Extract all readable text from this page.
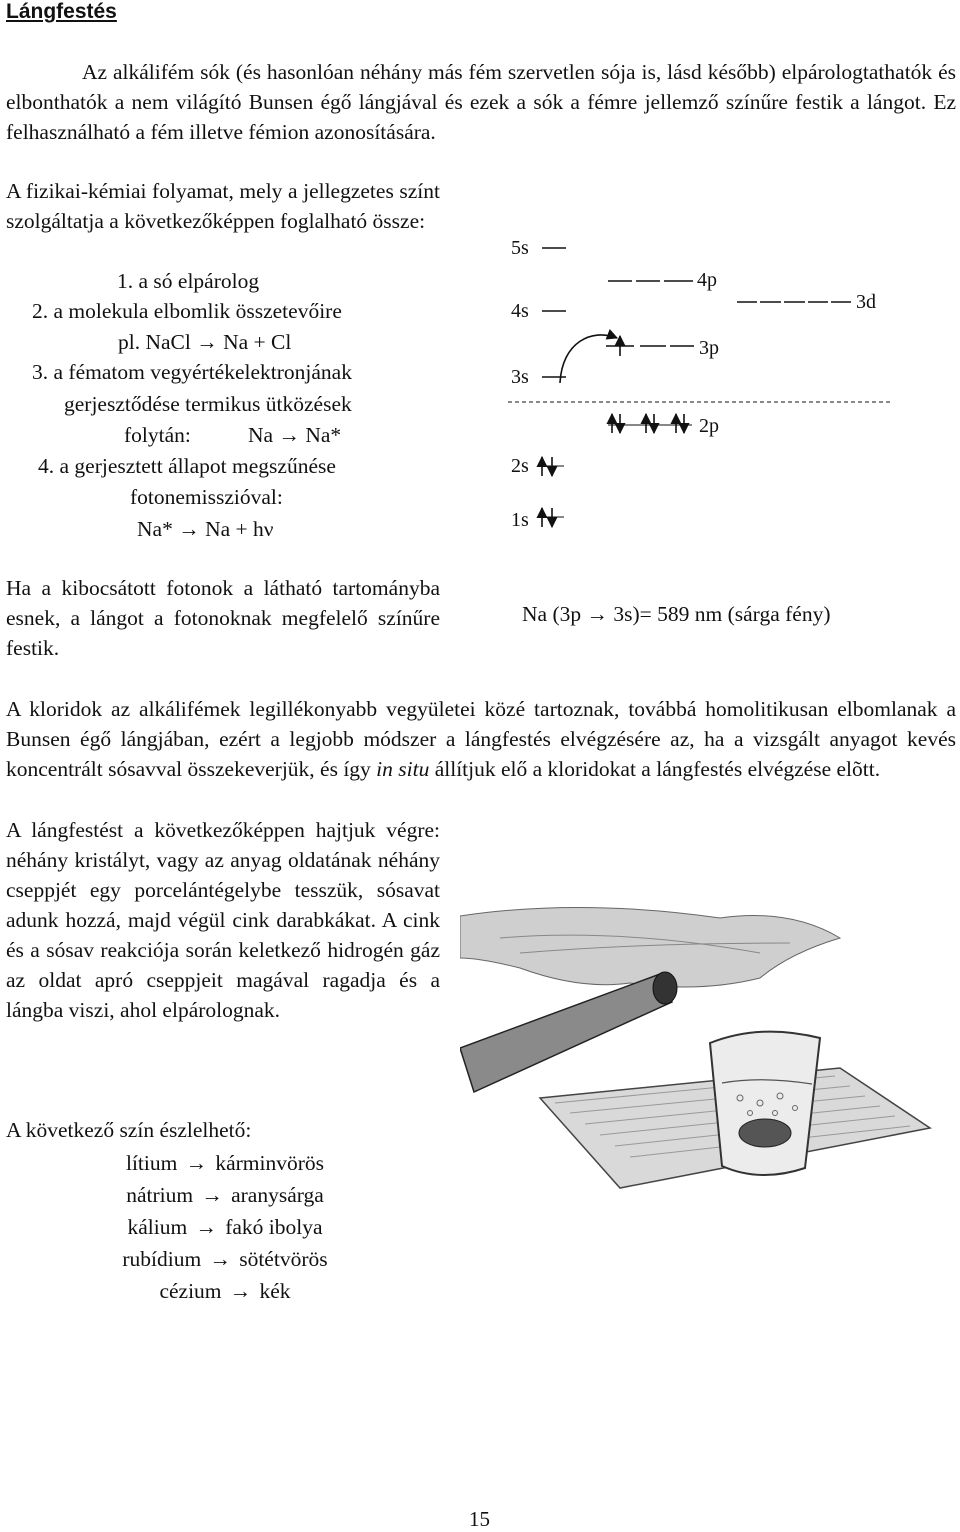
Lángfestés
Az alkálifém sók (és hasonlóan néhány más fém szervetlen sója is, lásd később) elpárologtathatók és elbonthatók a nem világító Bunsen égő lángjával és ezek a sók a fémre jellemző színűre festik a lángot. Ez felhasználható a fém illetve fémion azonosítására.
A fizikai-kémiai folyamat, mely a jellegzetes színt szolgáltatja a következőképpen foglalható össze:
1. a só elpárolog
2. a molekula elbomlik összetevőire
pl. NaCl → Na + Cl
3. a fématom vegyértékelektronjának
gerjesztődése termikus ütközések
folytán:	Na → Na*
4. a gerjesztett állapot megszűnése
fotonemisszióval:
Na* → Na + hν
5s
4s
3s
2s
1s
4p
3d
3p
2p
Na (3p → 3s)= 589 nm (sárga fény)
Ha a kibocsátott fotonok a látható tartományba esnek, a lángot a fotonoknak megfelelő színűre festik.
A kloridok az alkálifémek legillékonyabb vegyületei közé tartoznak, továbbá homolitikusan elbomlanak a Bunsen égő lángjában, ezért a legjobb módszer a lángfestés elvégzésére az, ha a vizsgált anyagot kevés koncentrált sósavval összekeverjük, és így in situ állítjuk elő a kloridokat a lángfestés elvégzése elõtt.
A lángfestést a következőképpen hajtjuk végre: néhány kristályt, vagy az anyag oldatának néhány cseppjét egy porcelántégelybe tesszük, sósavat adunk hozzá, majd végül cink darabkákat. A cink és a sósav reakciója során keletkező hidrogén gáz az oldat apró cseppjeit magával ragadja és a lángba viszi, ahol elpárolognak.
A következő szín észlelhető:
lítium → kárminvörös
nátrium → aranysárga
kálium → fakó ibolya
rubídium → sötétvörös
cézium → kék
15
